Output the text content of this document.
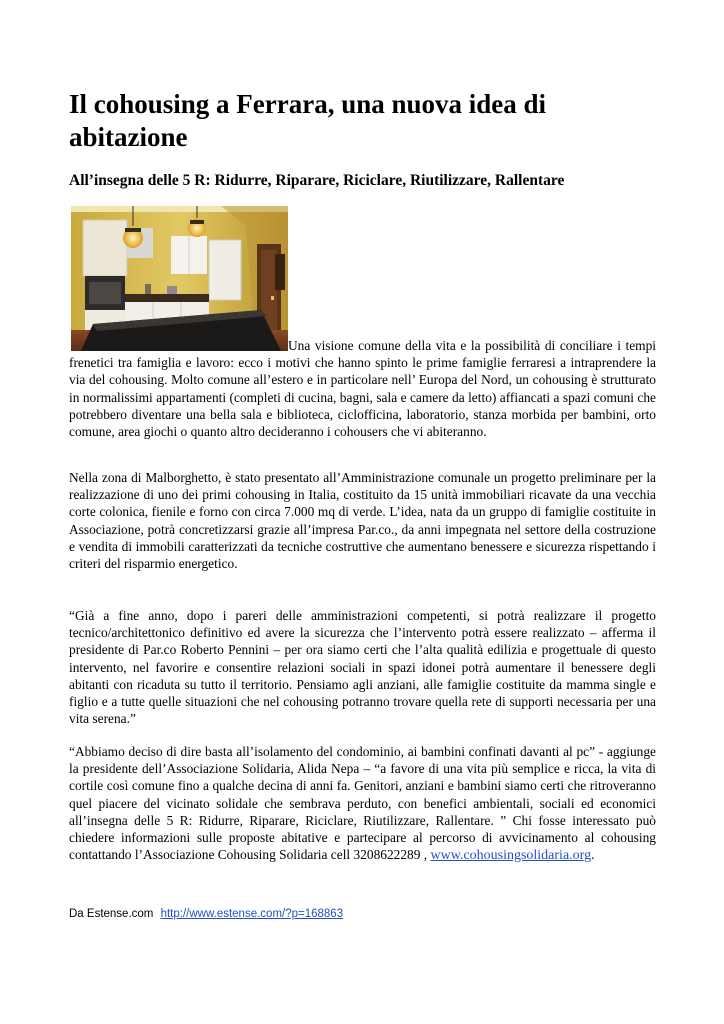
Il cohousing a Ferrara, una nuova idea di abitazione
All’insegna delle 5 R: Ridurre, Riparare, Riciclare, Riutilizzare, Rallentare

Una visione comune della vita e la possibilità di conciliare i tempi frenetici tra famiglia e lavoro: ecco i motivi che hanno spinto le prime famiglie ferraresi a intraprendere la via del cohousing. Molto comune all’estero e in particolare nell’ Europa del Nord, un cohousing è strutturato in normalissimi appartamenti (completi di cucina, bagni, sala e camere da letto) affiancati a spazi comuni che potrebbero diventare una bella sala e biblioteca, ciclofficina, laboratorio, stanza morbida per bambini, orto comune, area giochi o quanto altro decideranno i cohousers che vi abiteranno.

Nella zona di Malborghetto, è stato presentato all’Amministrazione comunale un progetto preliminare per la realizzazione di uno dei primi cohousing in Italia, costituito da 15 unità immobiliari ricavate da una vecchia corte colonica, fienile e forno con circa 7.000 mq di verde. L’idea, nata da un gruppo di famiglie costituite in Associazione, potrà concretizzarsi grazie all’impresa Par.co., da anni impegnata nel settore della costruzione e vendita di immobili caratterizzati da tecniche costruttive che aumentano benessere e sicurezza rispettando i criteri del risparmio energetico.

“Già a fine anno, dopo i pareri delle amministrazioni competenti, si potrà realizzare il progetto tecnico/architettonico definitivo ed avere la sicurezza che l’intervento potrà essere realizzato – afferma il presidente di Par.co Roberto Pennini – per ora siamo certi che l’alta qualità edilizia e progettuale di questo intervento, nel favorire e consentire relazioni sociali in spazi idonei potrà aumentare il benessere degli abitanti con ricaduta su tutto il territorio. Pensiamo agli anziani, alle famiglie costituite da mamma single e figlio e a tutte quelle situazioni che nel cohousing potranno trovare quella rete di supporti necessaria per una vita serena.”

“Abbiamo deciso di dire basta all’isolamento del condominio, ai bambini confinati davanti al pc” - aggiunge la presidente dell’Associazione Solidaria, Alida Nepa – “a favore di una vita più semplice e ricca, la vita di cortile così comune fino a qualche decina di anni fa. Genitori, anziani e bambini siamo certi che ritroveranno quel piacere del vicinato solidale che sembrava perduto, con benefici ambientali, sociali ed economici all’insegna delle 5 R: Ridurre, Riparare, Riciclare, Riutilizzare, Rallentare. ” Chi fosse interessato può chiedere informazioni sulle proposte abitative e partecipare al percorso di avvicinamento al cohousing contattando l’Associazione Cohousing Solidaria cell 3208622289 , www.cohousingsolidaria.org.

Da Estense.com http://www.estense.com/?p=168863
